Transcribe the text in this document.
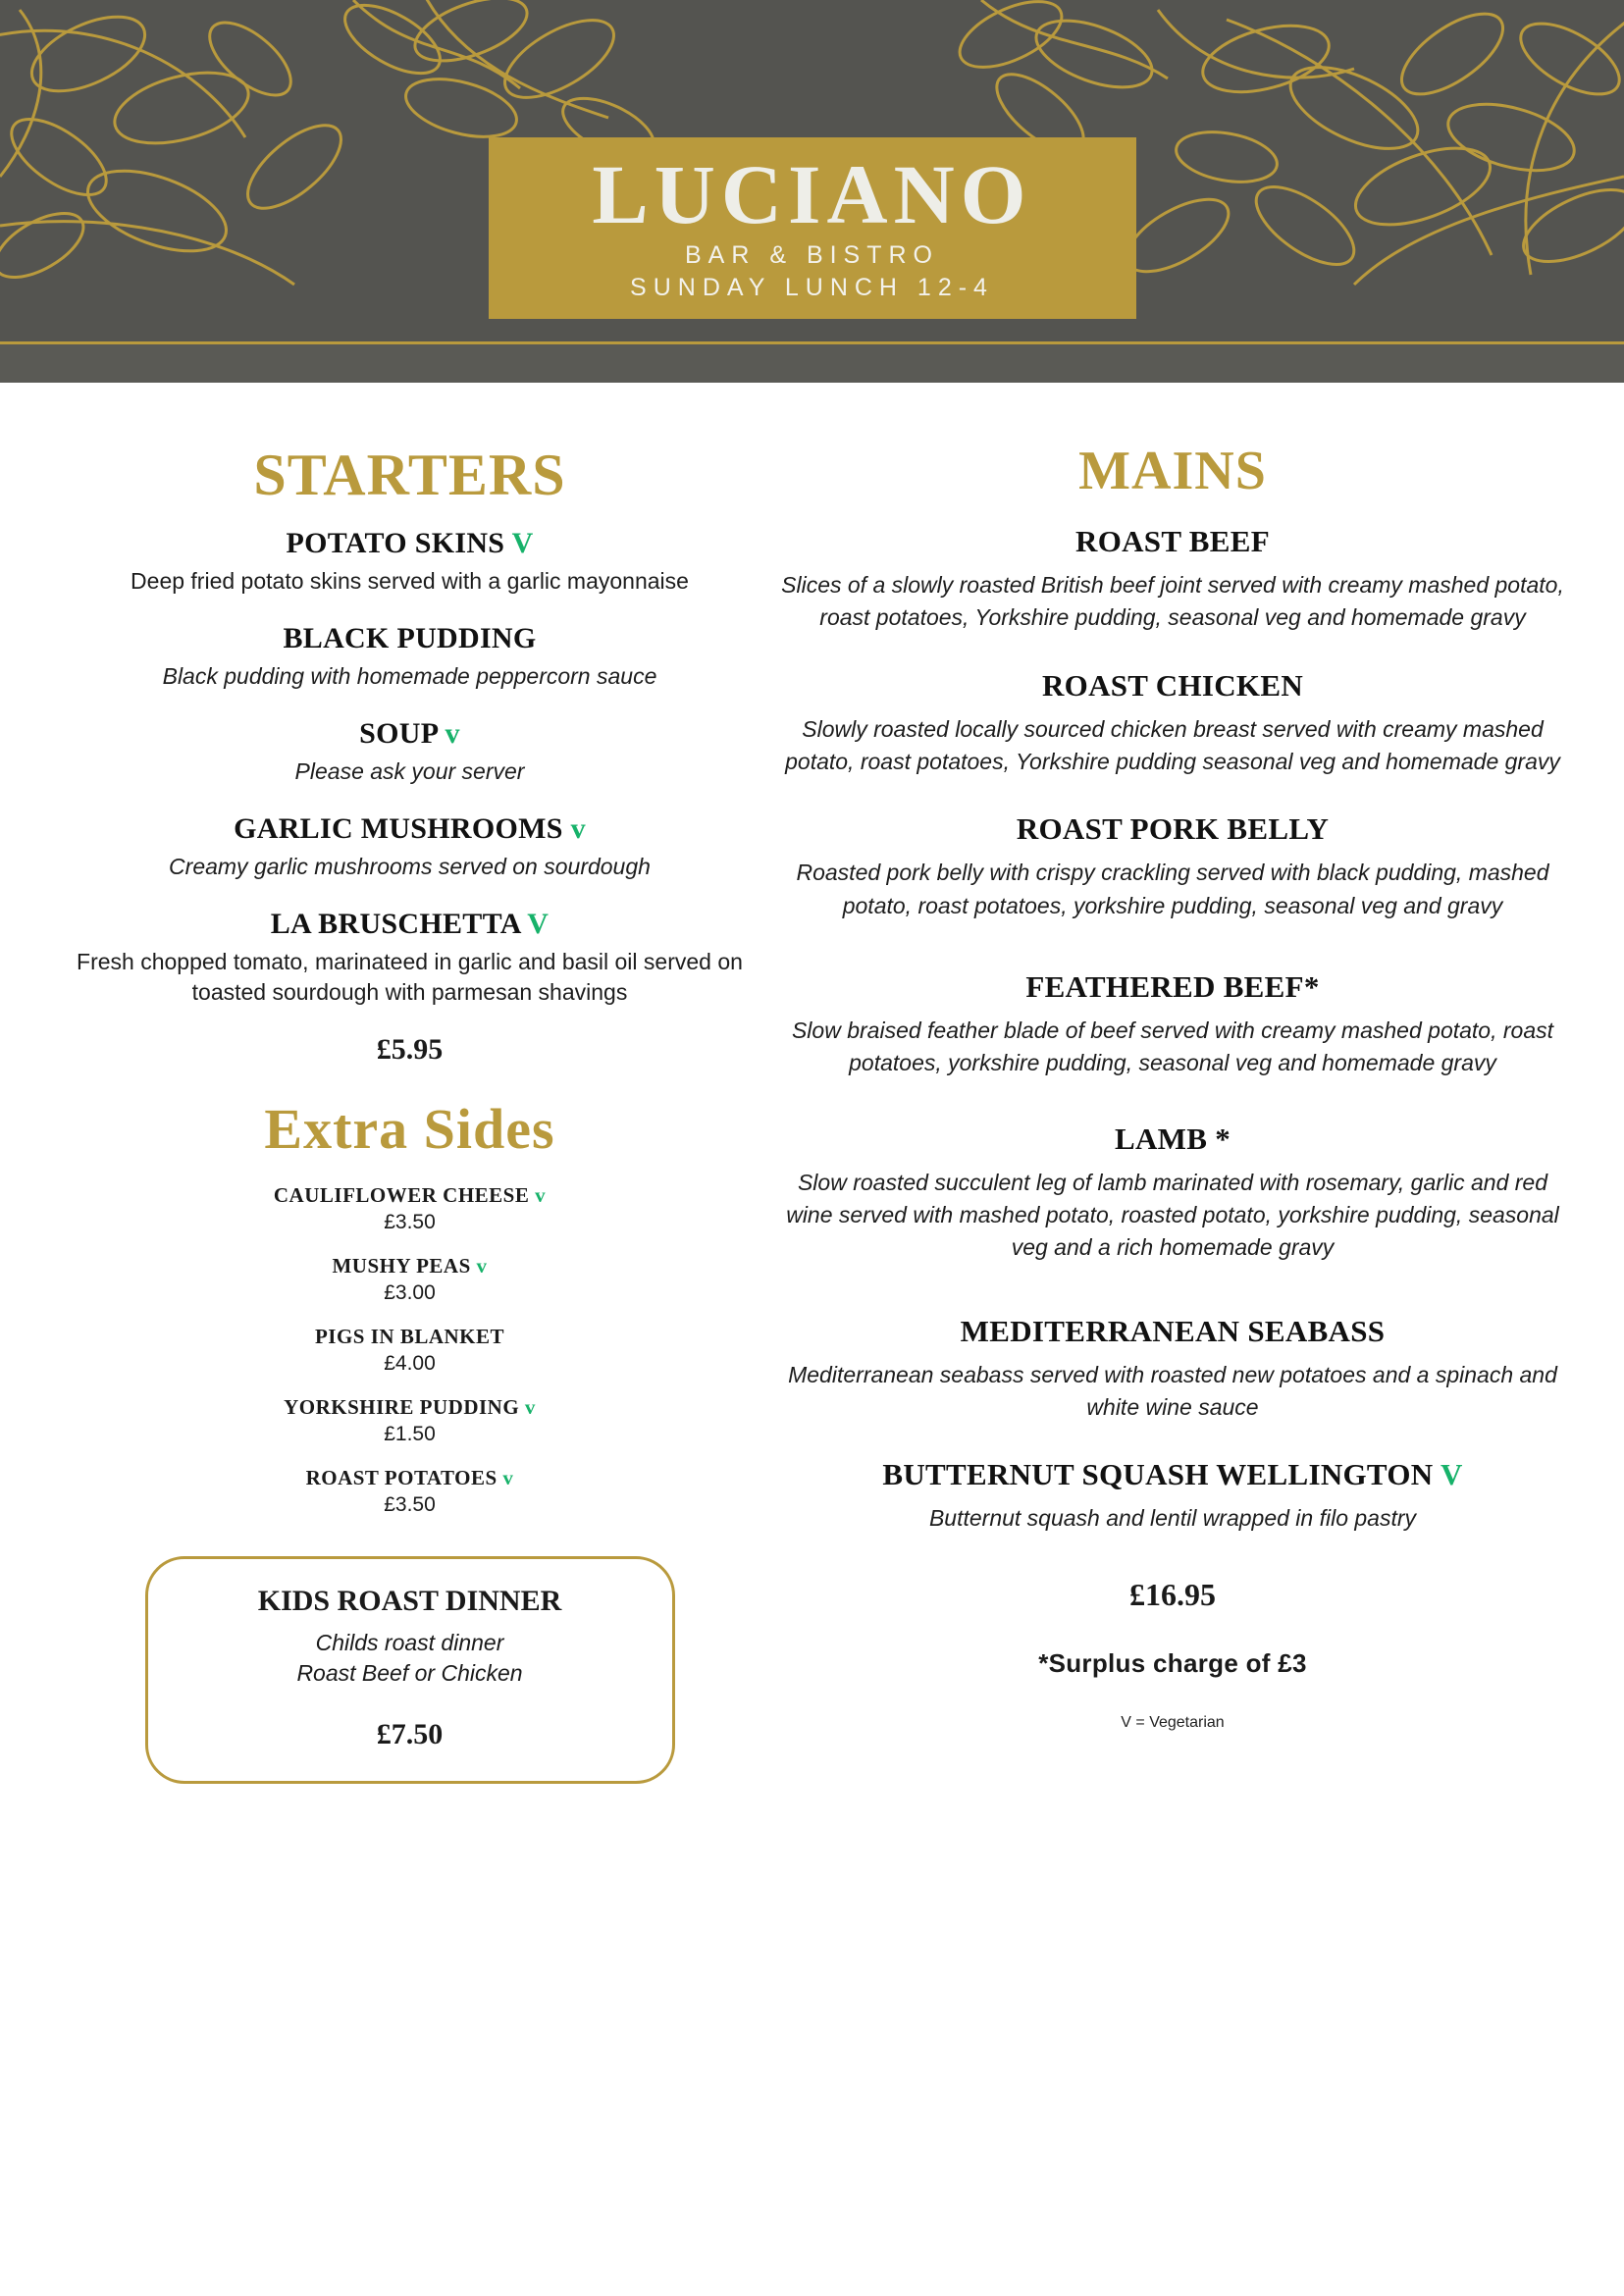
LUCIANO
BAR & BISTRO
SUNDAY LUNCH 12-4
STARTERS
POTATO SKINS V
Deep fried potato skins served with a garlic mayonnaise
BLACK PUDDING
Black pudding with homemade peppercorn sauce
SOUP v
Please ask your server
GARLIC MUSHROOMS v
Creamy garlic mushrooms served on sourdough
LA BRUSCHETTA V
Fresh chopped tomato, marinateed in garlic and basil oil served on toasted sourdough with parmesan shavings
£5.95
Extra Sides
CAULIFLOWER CHEESE v
£3.50
MUSHY PEAS v
£3.00
PIGS IN BLANKET
£4.00
YORKSHIRE PUDDING v
£1.50
ROAST POTATOES v
£3.50
KIDS ROAST DINNER
Childs roast dinner
Roast Beef or Chicken
£7.50
MAINS
ROAST BEEF
Slices of a slowly roasted British beef joint served with creamy mashed potato, roast potatoes, Yorkshire pudding, seasonal veg and homemade gravy
ROAST CHICKEN
Slowly roasted locally sourced chicken breast served with creamy mashed potato, roast potatoes, Yorkshire pudding seasonal veg and homemade gravy
ROAST PORK BELLY
Roasted pork belly with crispy crackling served with black pudding, mashed potato, roast potatoes, yorkshire pudding, seasonal veg and gravy
FEATHERED BEEF*
Slow braised feather blade of beef served with creamy mashed potato, roast potatoes, yorkshire pudding, seasonal veg and homemade gravy
LAMB *
Slow roasted succulent leg of lamb marinated with rosemary, garlic and red wine served with mashed potato, roasted potato, yorkshire pudding, seasonal veg and a rich homemade gravy
MEDITERRANEAN SEABASS
Mediterranean seabass served with roasted new potatoes and a spinach and white wine sauce
BUTTERNUT SQUASH WELLINGTON V
Butternut squash and lentil wrapped in filo pastry
£16.95
*Surplus charge of £3
V = Vegetarian
